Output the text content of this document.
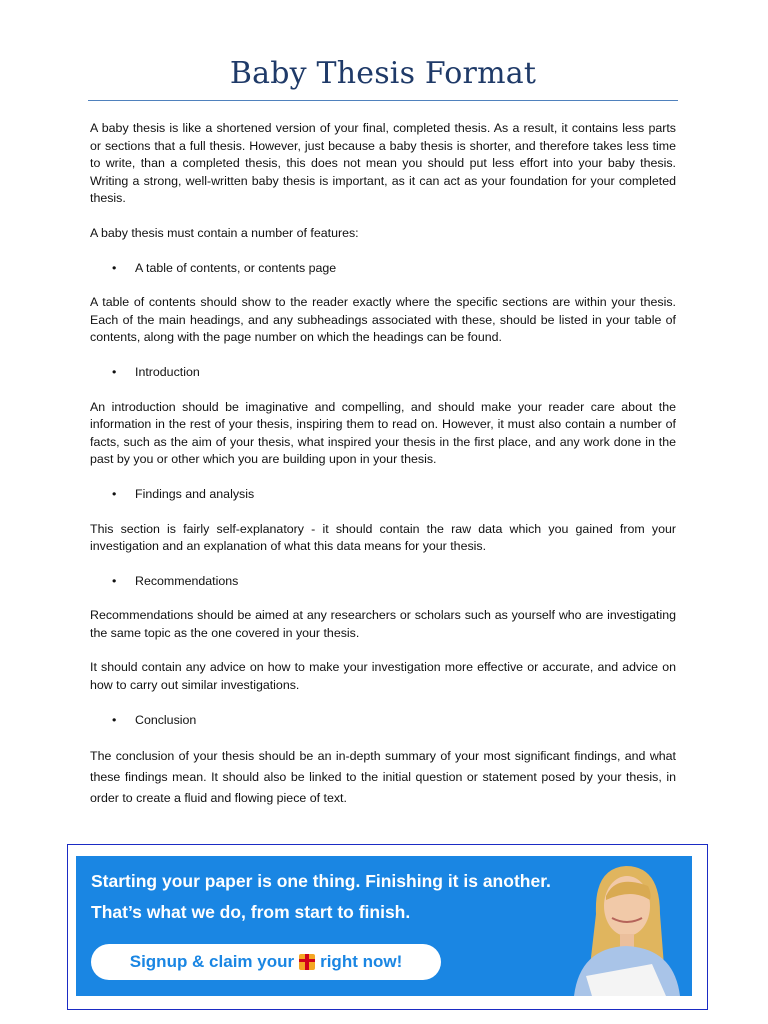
Baby Thesis Format

A baby thesis is like a shortened version of your final, completed thesis. As a result, it contains less parts or sections that a full thesis. However, just because a baby thesis is shorter, and therefore takes less time to write, than a completed thesis, this does not mean you should put less effort into your baby thesis. Writing a strong, well-written baby thesis is important, as it can act as your foundation for your completed thesis.

A baby thesis must contain a number of features:

• A table of contents, or contents page

A table of contents should show to the reader exactly where the specific sections are within your thesis. Each of the main headings, and any subheadings associated with these, should be listed in your table of contents, along with the page number on which the headings can be found.

• Introduction

An introduction should be imaginative and compelling, and should make your reader care about the information in the rest of your thesis, inspiring them to read on. However, it must also contain a number of facts, such as the aim of your thesis, what inspired your thesis in the first place, and any work done in the past by you or other which you are building upon in your thesis.

• Findings and analysis

This section is fairly self-explanatory - it should contain the raw data which you gained from your investigation and an explanation of what this data means for your thesis.

• Recommendations

Recommendations should be aimed at any researchers or scholars such as yourself who are investigating the same topic as the one covered in your thesis.

It should contain any advice on how to make your investigation more effective or accurate, and advice on how to carry out similar investigations.

• Conclusion

The conclusion of your thesis should be an in-depth summary of your most significant findings, and what these findings mean. It should also be linked to the initial question or statement posed by your thesis, in order to create a fluid and flowing piece of text.

Starting your paper is one thing. Finishing it is another.
That’s what we do, from start to finish.
Signup & claim your right now!
